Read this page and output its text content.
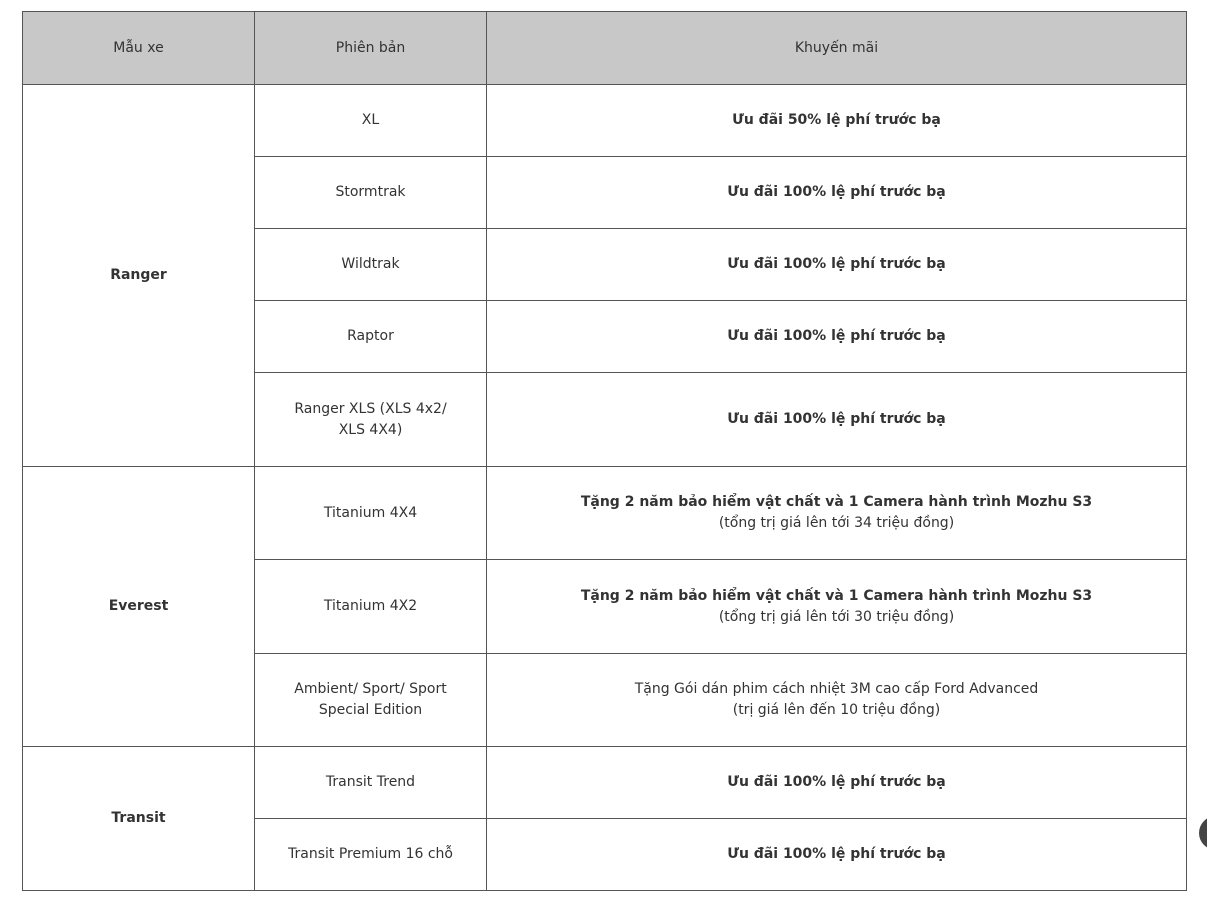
Mẫu xe	Phiên bản	Khuyến mãi
Ranger	XL	Ưu đãi 50% lệ phí trước bạ
	Stormtrak	Ưu đãi 100% lệ phí trước bạ
	Wildtrak	Ưu đãi 100% lệ phí trước bạ
	Raptor	Ưu đãi 100% lệ phí trước bạ

	Ranger XLS (XLS 4x2/
XLS 4X4)	Ưu đãi 100% lệ phí trước bạ
Everest	Titanium 4X4	Tặng 2 năm bảo hiểm vật chất và 1 Camera hành trình Mozhu S3
(tổng trị giá lên tới 34 triệu đồng)

	Titanium 4X2	Tặng 2 năm bảo hiểm vật chất và 1 Camera hành trình Mozhu S3
(tổng trị giá lên tới 30 triệu đồng)

	Ambient/ Sport/ Sport
Special Edition	Tặng Gói dán phim cách nhiệt 3M cao cấp Ford Advanced
(trị giá lên đến 10 triệu đồng)

Transit	Transit Trend	Ưu đãi 100% lệ phí trước bạ
	Transit Premium 16 chỗ	Ưu đãi 100% lệ phí trước bạ
